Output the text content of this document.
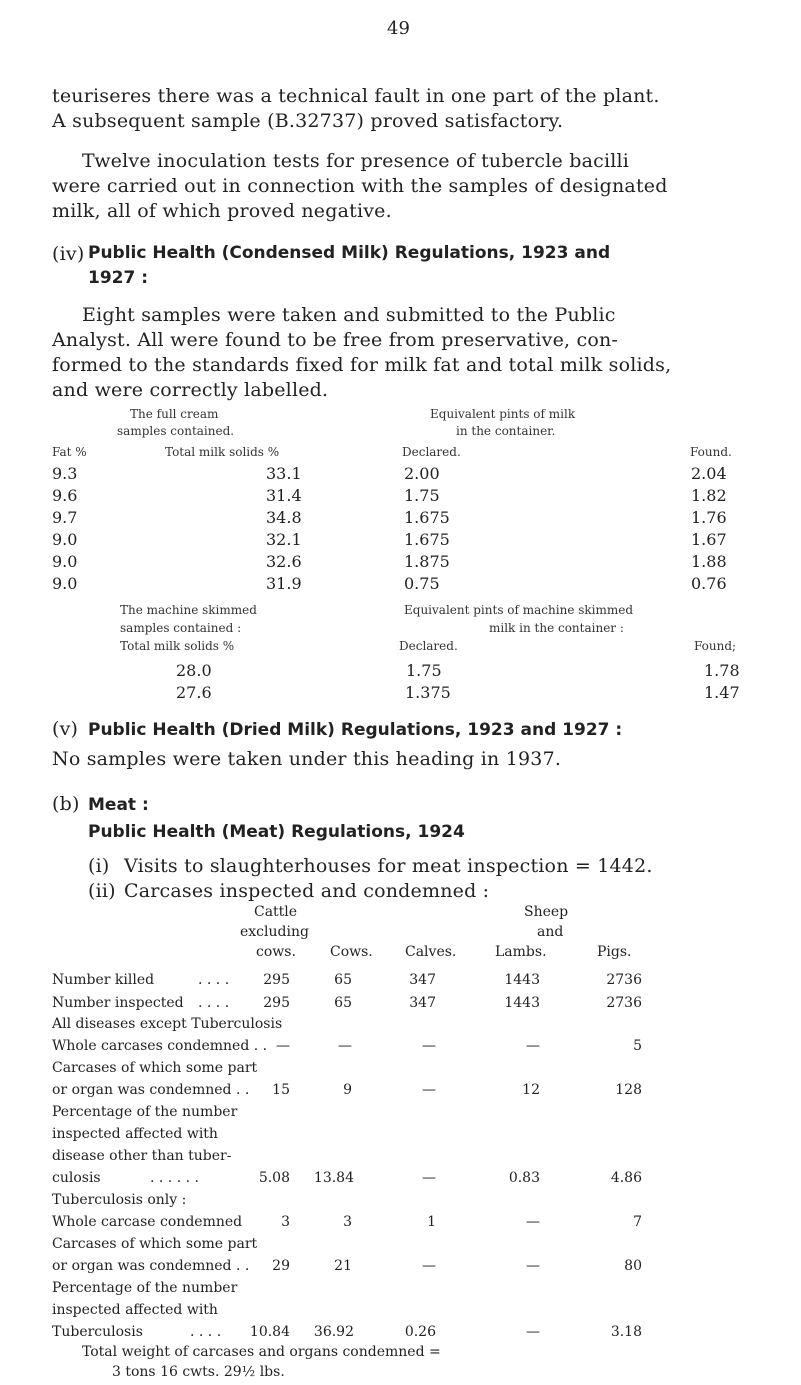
49
teuriseres there was a technical fault in one part of the plant.
A subsequent sample (B.32737) proved satisfactory.
Twelve inoculation tests for presence of tubercle bacilli
were carried out in connection with the samples of designated
milk, all of which proved negative.
(iv) Public Health (Condensed Milk) Regulations, 1923 and
1927 :
Eight samples were taken and submitted to the Public
Analyst. All were found to be free from preservative, con-
formed to the standards fixed for milk fat and total milk solids,
and were correctly labelled.
The full cream
samples contained.
Equivalent pints of milk
in the container.
Fat %	Total milk solids %	Declared.	Found.
9.3	33.1	2.00	2.04
9.6	31.4	1.75	1.82
9.7	34.8	1.675	1.76
9.0	32.1	1.675	1.67
9.0	32.6	1.875	1.88
9.0	31.9	0.75	0.76
The machine skimmed
samples contained :
Total milk solids %
Equivalent pints of machine skimmed
milk in the container :
Declared.	Found;
28.0	1.75	1.78
27.6	1.375	1.47
(v) Public Health (Dried Milk) Regulations, 1923 and 1927 :
No samples were taken under this heading in 1937.
(b) Meat :
Public Health (Meat) Regulations, 1924
(i) Visits to slaughterhouses for meat inspection = 1442.
(ii) Carcases inspected and condemned :
Cattle
excluding
cows. Cows. Calves.
Sheep
and
Lambs.	Pigs.
Number killed	. . . .	295	65	347	1443	2736
Number inspected . . . .	295	65	347	1443	2736
All diseases except Tuberculosis
Whole carcases condemned . . —	—	—	—	5
Carcases of which some part
or organ was condemned . .	15	9	—	12	128
Percentage of the number
inspected affected with
disease other than tuber-
culosis	. . . . . .	5.08 13.84	—	0.83	4.86
Tuberculosis only :
Whole carcase condemned	3	3	1	—	7
Carcases of which some part
or organ was condemned . .	29	21	—	—	80
Percentage of the number
inspected affected with
Tuberculosis	. . . .	10.84 36.92	0.26	—	3.18
Total weight of carcases and organs condemned =
3 tons 16 cwts. 29½ lbs.
